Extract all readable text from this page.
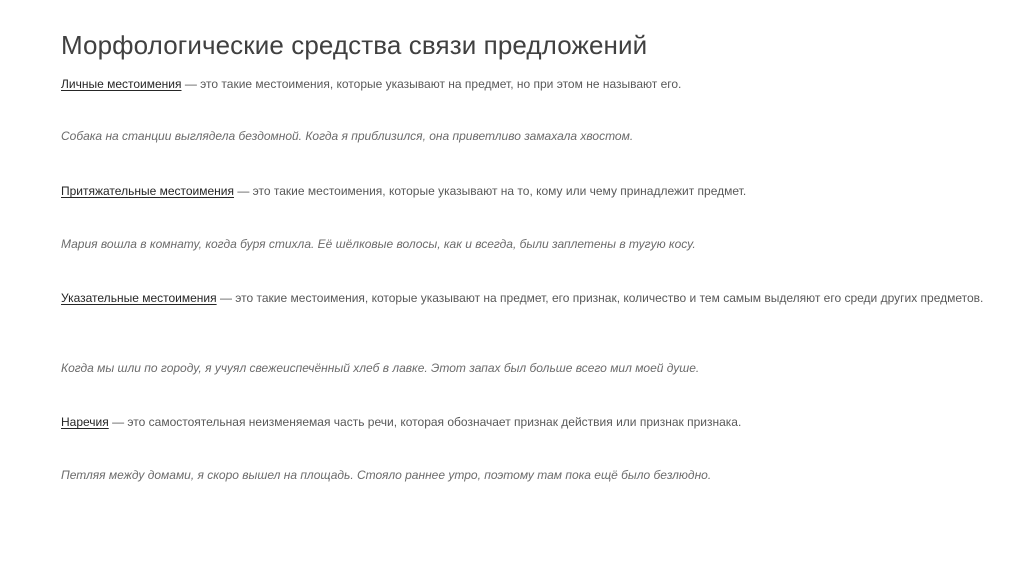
Морфологические средства связи предложений

Личные местоимения — это такие местоимения, которые указывают на предмет, но при этом не называют его.

Собака на станции выглядела бездомной. Когда я приблизился, она приветливо замахала хвостом.

Притяжательные местоимения — это такие местоимения, которые указывают на то, кому или чему принадлежит предмет.

Мария вошла в комнату, когда буря стихла. Её шёлковые волосы, как и всегда, были заплетены в тугую косу.

Указательные местоимения — это такие местоимения, которые указывают на предмет, его признак, количество и тем самым выделяют его среди других предметов.

Когда мы шли по городу, я учуял свежеиспечённый хлеб в лавке. Этот запах был больше всего мил моей душе.

Наречия — это самостоятельная неизменяемая часть речи, которая обозначает признак действия или признак признака.

Петляя между домами, я скоро вышел на площадь. Стояло раннее утро, поэтому там пока ещё было безлюдно.
